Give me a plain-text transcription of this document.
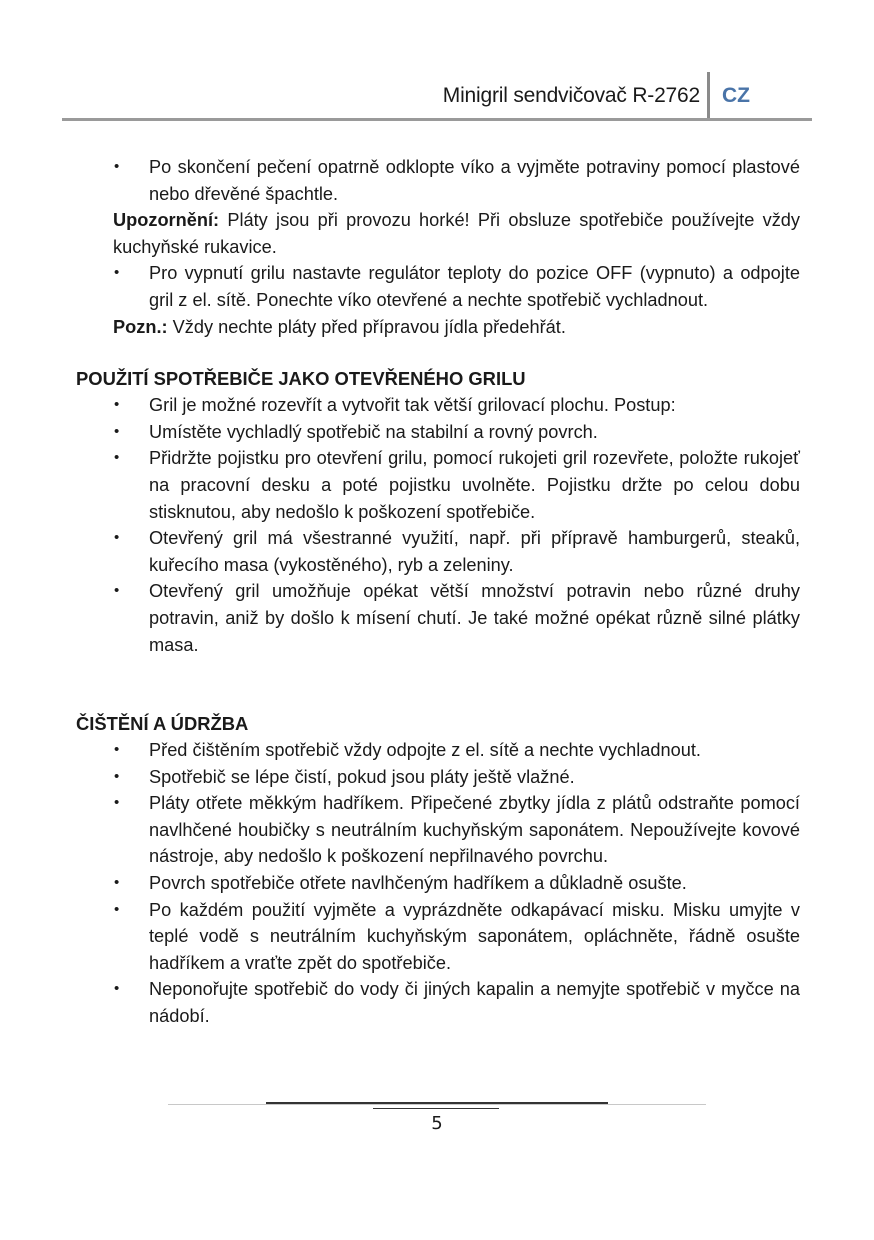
Minigril sendvičovač R-2762 CZ
• Po skončení pečení opatrně odklopte víko a vyjměte potraviny pomocí plastové nebo dřevěné špachtle.
Upozornění: Pláty jsou při provozu horké! Při obsluze spotřebiče používejte vždy kuchyňské rukavice.
• Pro vypnutí grilu nastavte regulátor teploty do pozice OFF (vypnuto) a odpojte gril z el. sítě. Ponechte víko otevřené a nechte spotřebič vychladnout.
Pozn.: Vždy nechte pláty před přípravou jídla předehřát.
POUŽITÍ SPOTŘEBIČE JAKO OTEVŘENÉHO GRILU
• Gril je možné rozevřít a vytvořit tak větší grilovací plochu. Postup:
• Umístěte vychladlý spotřebič na stabilní a rovný povrch.
• Přidržte pojistku pro otevření grilu, pomocí rukojeti gril rozevřete, položte rukojeť na pracovní desku a poté pojistku uvolněte. Pojistku držte po celou dobu stisknutou, aby nedošlo k poškození spotřebiče.
• Otevřený gril má všestranné využití, např. při přípravě hamburgerů, steaků, kuřecího masa (vykostěného), ryb a zeleniny.
• Otevřený gril umožňuje opékat větší množství potravin nebo různé druhy potravin, aniž by došlo k mísení chutí. Je také možné opékat různě silné plátky masa.
ČIŠTĚNÍ A ÚDRŽBA
• Před čištěním spotřebič vždy odpojte z el. sítě a nechte vychladnout.
• Spotřebič se lépe čistí, pokud jsou pláty ještě vlažné.
• Pláty otřete měkkým hadříkem. Připečené zbytky jídla z plátů odstraňte pomocí navlhčené houbičky s neutrálním kuchyňským saponátem. Nepoužívejte kovové nástroje, aby nedošlo k poškození nepřilnavého povrchu.
• Povrch spotřebiče otřete navlhčeným hadříkem a důkladně osušte.
• Po každém použití vyjměte a vyprázdněte odkapávací misku. Misku umyjte v teplé vodě s neutrálním kuchyňským saponátem, opláchněte, řádně osušte hadříkem a vraťte zpět do spotřebiče.
• Neponořujte spotřebič do vody či jiných kapalin a nemyjte spotřebič v myčce na nádobí.
5
